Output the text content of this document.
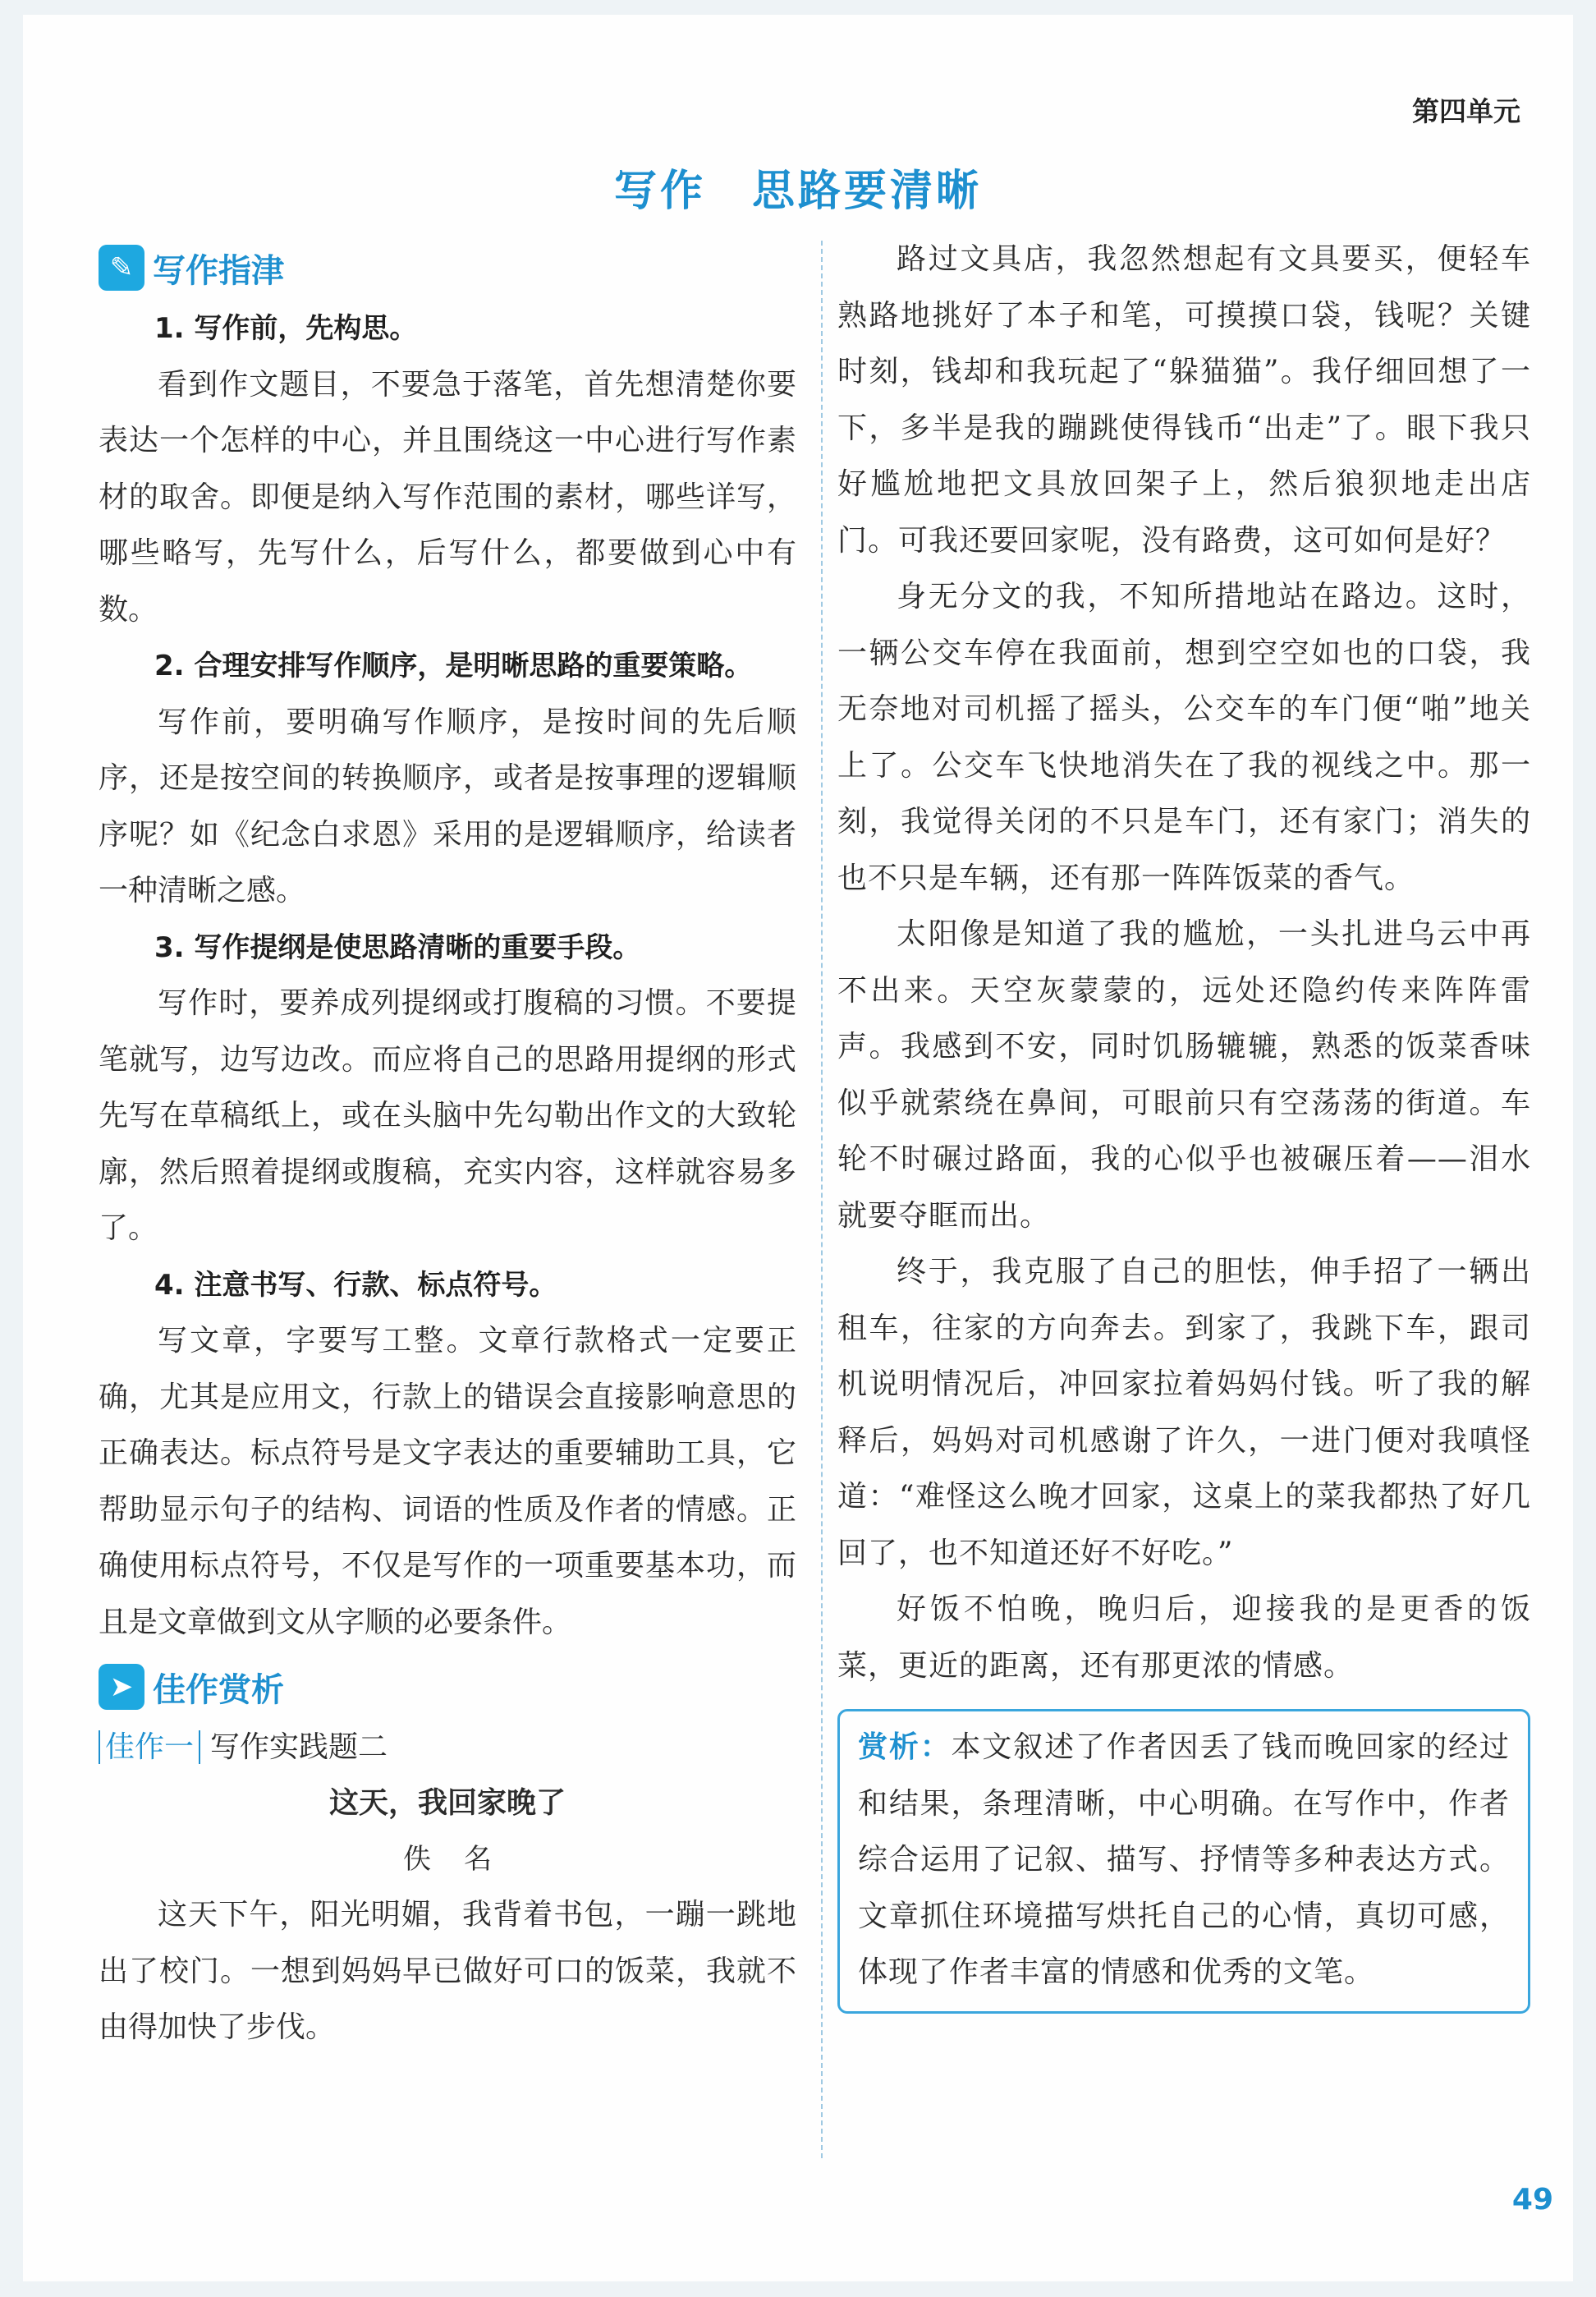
第四单元
写作　思路要清晰
✎ 写作指津

1. 写作前，先构思。

看到作文题目，不要急于落笔，首先想清楚你要表达一个怎样的中心，并且围绕这一中心进行写作素材的取舍。即便是纳入写作范围的素材，哪些详写，哪些略写，先写什么，后写什么，都要做到心中有数。

2. 合理安排写作顺序，是明晰思路的重要策略。

写作前，要明确写作顺序，是按时间的先后顺序，还是按空间的转换顺序，或者是按事理的逻辑顺序呢？如《纪念白求恩》采用的是逻辑顺序，给读者一种清晰之感。

3. 写作提纲是使思路清晰的重要手段。

写作时，要养成列提纲或打腹稿的习惯。不要提笔就写，边写边改。而应将自己的思路用提纲的形式先写在草稿纸上，或在头脑中先勾勒出作文的大致轮廓，然后照着提纲或腹稿，充实内容，这样就容易多了。

4. 注意书写、行款、标点符号。

写文章，字要写工整。文章行款格式一定要正确，尤其是应用文，行款上的错误会直接影响意思的正确表达。标点符号是文字表达的重要辅助工具，它帮助显示句子的结构、词语的性质及作者的情感。正确使用标点符号，不仅是写作的一项重要基本功，而且是文章做到文从字顺的必要条件。

➤ 佳作赏析

佳作一 写作实践题二

这天，我回家晚了

佚名

这天下午，阳光明媚，我背着书包，一蹦一跳地出了校门。一想到妈妈早已做好可口的饭菜，我就不由得加快了步伐。

路过文具店，我忽然想起有文具要买，便轻车熟路地挑好了本子和笔，可摸摸口袋，钱呢？关键时刻，钱却和我玩起了“躲猫猫”。我仔细回想了一下，多半是我的蹦跳使得钱币“出走”了。眼下我只好尴尬地把文具放回架子上，然后狼狈地走出店门。可我还要回家呢，没有路费，这可如何是好？

身无分文的我，不知所措地站在路边。这时，一辆公交车停在我面前，想到空空如也的口袋，我无奈地对司机摇了摇头，公交车的车门便“啪”地关上了。公交车飞快地消失在了我的视线之中。那一刻，我觉得关闭的不只是车门，还有家门；消失的也不只是车辆，还有那一阵阵饭菜的香气。

太阳像是知道了我的尴尬，一头扎进乌云中再不出来。天空灰蒙蒙的，远处还隐约传来阵阵雷声。我感到不安，同时饥肠辘辘，熟悉的饭菜香味似乎就萦绕在鼻间，可眼前只有空荡荡的街道。车轮不时碾过路面，我的心似乎也被碾压着——泪水就要夺眶而出。

终于，我克服了自己的胆怯，伸手招了一辆出租车，往家的方向奔去。到家了，我跳下车，跟司机说明情况后，冲回家拉着妈妈付钱。听了我的解释后，妈妈对司机感谢了许久，一进门便对我嗔怪道：“难怪这么晚才回家，这桌上的菜我都热了好几回了，也不知道还好不好吃。”

好饭不怕晚，晚归后，迎接我的是更香的饭菜，更近的距离，还有那更浓的情感。

赏析：本文叙述了作者因丢了钱而晚回家的经过和结果，条理清晰，中心明确。在写作中，作者综合运用了记叙、描写、抒情等多种表达方式。文章抓住环境描写烘托自己的心情，真切可感，体现了作者丰富的情感和优秀的文笔。

49
